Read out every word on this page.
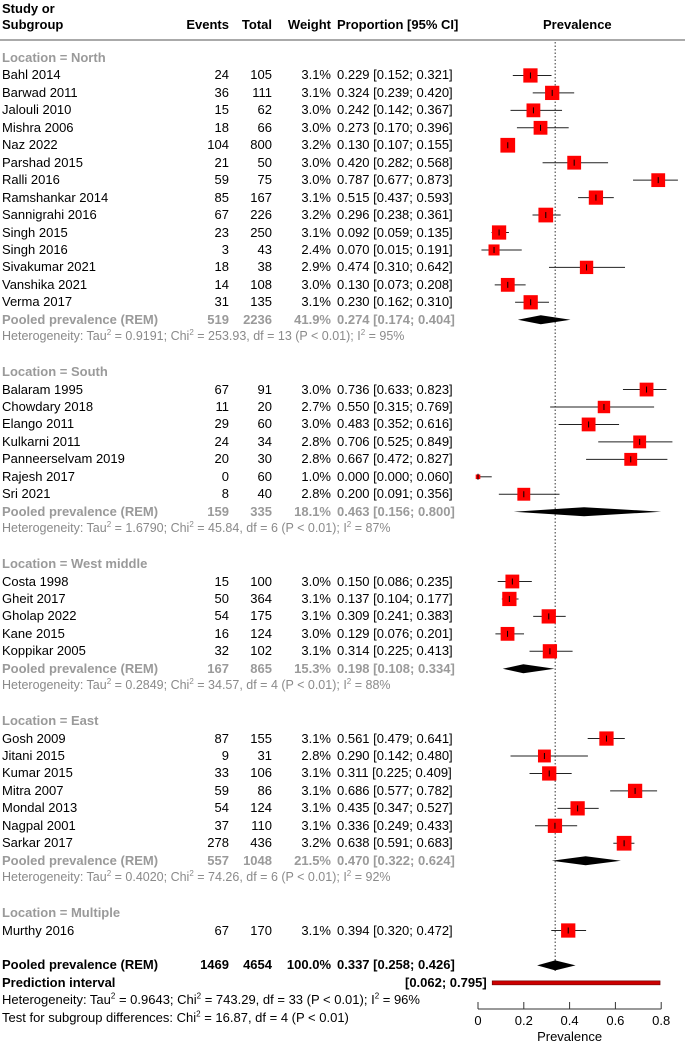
Study or
Subgroup	Events Total Weight Proportion [95% CI]	Prevalence
Location = North
Bahl 2014	24 105 3.1% 0.229 [0.152; 0.321]
Barwad 2011	36 111 3.1% 0.324 [0.239; 0.420]
Jalouli 2010	15 62 3.0% 0.242 [0.142; 0.367]
Mishra 2006	18 66 3.0% 0.273 [0.170; 0.396]
Naz 2022	104 800 3.2% 0.130 [0.107; 0.155]
Parshad 2015	21 50 3.0% 0.420 [0.282; 0.568]
Ralli 2016	59 75 3.0% 0.787 [0.677; 0.873]
Ramshankar 2014	85 167 3.1% 0.515 [0.437; 0.593]
Sannigrahi 2016	67 226 3.2% 0.296 [0.238; 0.361]
Singh 2015	23 250 3.1% 0.092 [0.059; 0.135]
Singh 2016	3 43 2.4% 0.070 [0.015; 0.191]
Sivakumar 2021	18 38 2.9% 0.474 [0.310; 0.642]
Vanshika 2021	14 108 3.0% 0.130 [0.073; 0.208]
Verma 2017	31 135 3.1% 0.230 [0.162; 0.310]
Pooled prevalence (REM)	519 2236 41.9% 0.274 [0.174; 0.404]
Heterogeneity: Tau$^2$ = 0.9191; Chi$^2$ = 253.93, df = 13 (P < 0.01); $I^2 = 95\%$
Location = South
Balaram 1995	67 91 3.0% 0.736 [0.633; 0.823]
Chowdary 2018	11 20 2.7% 0.550 [0.315; 0.769]
Elango 2011	29 60 3.0% 0.483 [0.352; 0.616]
Kulkarni 2011	24 34 2.8% 0.706 [0.525; 0.849]
Panneerselvam 2019	20 30 2.8% 0.667 [0.472; 0.827]
Rajesh 2017	0 60 1.0% 0.000 [0.000; 0.060]
Sri 2021	8 40 2.8% 0.200 [0.091; 0.356]
Pooled prevalence (REM)	159 335 18.1% 0.463 [0.156; 0.800]
Heterogeneity: Tau$^2$ = 1.6790; Chi$^2$ = 45.84, df = 6 (P < 0.01); $I^2 = 87\%$
Location = West middle
Costa 1998	15 100 3.0% 0.150 [0.086; 0.235]
Gheit 2017	50 364 3.1% 0.137 [0.104; 0.177]
Gholap 2022	54 175 3.1% 0.309 [0.241; 0.383]
Kane 2015	16 124 3.0% 0.129 [0.076; 0.201]
Koppikar 2005	32 102 3.1% 0.314 [0.225; 0.413]
Pooled prevalence (REM)	167 865 15.3% 0.198 [0.108; 0.334]
Heterogeneity: Tau$^2$ = 0.2849; Chi$^2$ = 34.57, df = 4 (P < 0.01); $I^2 = 88\%$
Location = East
Gosh 2009	87 155 3.1% 0.561 [0.479; 0.641]
Jitani 2015	9 31 2.8% 0.290 [0.142; 0.480]
Kumar 2015	33 106 3.1% 0.311 [0.225; 0.409]
Mitra 2007	59 86 3.1% 0.686 [0.577; 0.782]
Mondal 2013	54 124 3.1% 0.435 [0.347; 0.527]
Nagpal 2001	37 110 3.1% 0.336 [0.249; 0.433]
Sarkar 2017	278 436 3.2% 0.638 [0.591; 0.683]
Pooled prevalence (REM)	557 1048 21.5% 0.470 [0.322; 0.624]
Heterogeneity: Tau$^2$ = 0.4020; Chi$^2$ = 74.26, df = 6 (P < 0.01); $I^2 = 92\%$
Location = Multiple
Murthy 2016	67 170 3.1% 0.394 [0.320; 0.472]
Pooled prevalence (REM)	1469 4654 100.0% 0.337 [0.258; 0.426]
Prediction interval	[0.062; 0.795]
Heterogeneity: Tau$^2$ = 0.9643; Chi$^2$ = 743.29, df = 33 (P < 0.01); $I^2 = 96\%$
Test for subgroup differences: Chi$^2$ = 16.87, df = 4 (P < 0.01)	0	0.2	0.4	0.6	0.8
Prevalence
